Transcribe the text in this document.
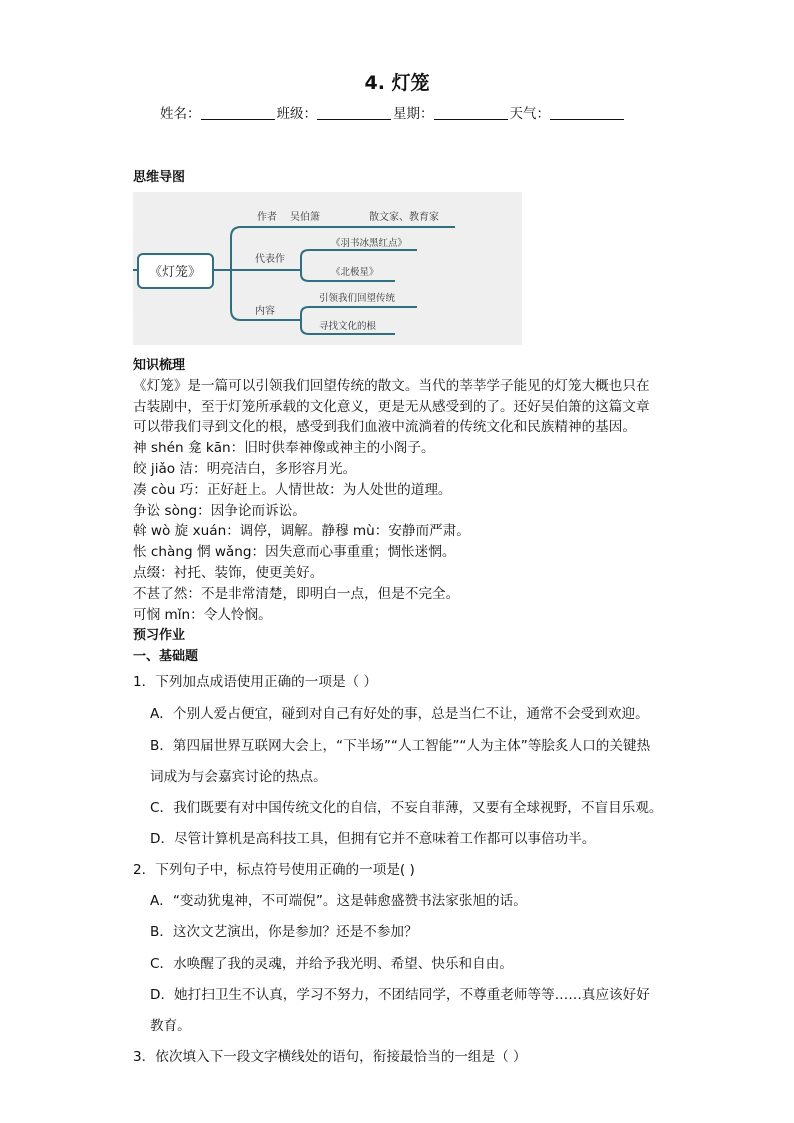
4. 灯笼
姓名：	班级：	星期：	天气：
思维导图
《灯笼》
作者 吴伯箫	散文家、教育家
代表作
《羽书冰黑红点》
《北极星》
内容
引领我们回望传统
寻找文化的根
知识梳理
《灯笼》是一篇可以引领我们回望传统的散文。当代的莘莘学子能见的灯笼大概也只在
古装剧中，至于灯笼所承载的文化意义，更是无从感受到的了。还好吴伯箫的这篇文章
可以带我们寻到文化的根，感受到我们血液中流淌着的传统文化和民族精神的基因。
神 shén 龛 kān：旧时供奉神像或神主的小阁子。
皎 jiǎo 洁：明亮洁白，多形容月光。
凑 còu 巧：正好赶上。人情世故：为人处世的道理。
争讼 sòng：因争论而诉讼。
斡 wò 旋 xuán：调停，调解。静穆 mù：安静而严肃。
怅 chàng 惘 wǎng：因失意而心事重重；惆怅迷惘。
点缀：衬托、装饰，使更美好。
不甚了然：不是非常清楚，即明白一点，但是不完全。
可悯 mǐn：令人怜悯。
预习作业
一、基础题
1．下列加点成语使用正确的一项是（ ）
A．个别人爱占便宜，碰到对自己有好处的事，总是当仁不让，通常不会受到欢迎。
B．第四届世界互联网大会上，“下半场”“人工智能”“人为主体”等脍炙人口的关键热
词成为与会嘉宾讨论的热点。
C．我们既要有对中国传统文化的自信，不妄自菲薄，又要有全球视野，不盲目乐观。
D．尽管计算机是高科技工具，但拥有它并不意味着工作都可以事倍功半。
2．下列句子中，标点符号使用正确的一项是( )
A．“变动犹鬼神，不可端倪”。这是韩愈盛赞书法家张旭的话。
B．这次文艺演出，你是参加？还是不参加？
C．水唤醒了我的灵魂，并给予我光明、希望、快乐和自由。
D．她打扫卫生不认真，学习不努力，不团结同学，不尊重老师等等……真应该好好
教育。
3．依次填入下一段文字横线处的语句，衔接最恰当的一组是（ ）
